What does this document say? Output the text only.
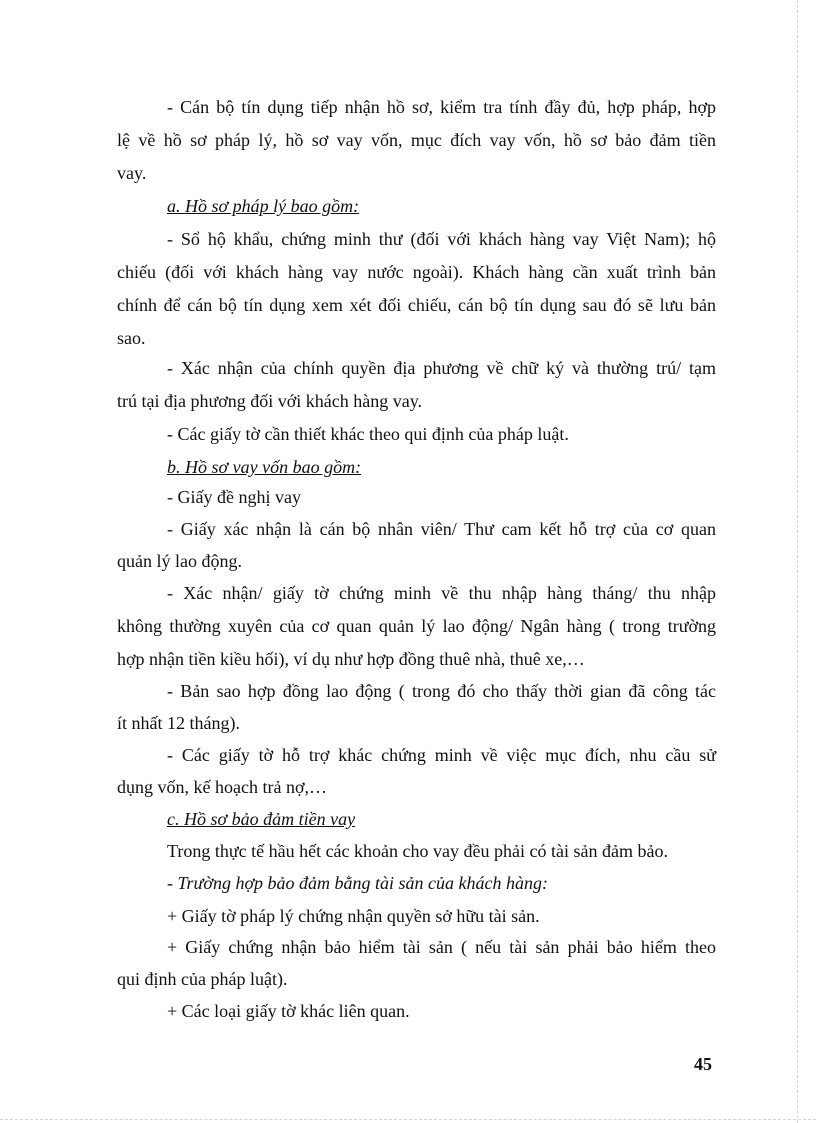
- Cán bộ tín dụng tiếp nhận hồ sơ, kiểm tra tính đầy đủ, hợp pháp, hợp
lệ về hồ sơ pháp lý, hồ sơ vay vốn, mục đích vay vốn, hồ sơ bảo đảm tiền
vay.
a. Hồ sơ pháp lý bao gồm:
- Sổ hộ khẩu, chứng minh thư (đối với khách hàng vay Việt Nam); hộ
chiếu (đối với khách hàng vay nước ngoài). Khách hàng cần xuất trình bản
chính để cán bộ tín dụng xem xét đối chiếu, cán bộ tín dụng sau đó sẽ lưu bản
sao.
- Xác nhận của chính quyền địa phương về chữ ký và thường trú/ tạm
trú tại địa phương đối với khách hàng vay.
- Các giấy tờ cần thiết khác theo qui định của pháp luật.
b. Hồ sơ vay vốn bao gồm:
- Giấy đề nghị vay
- Giấy xác nhận là cán bộ nhân viên/ Thư cam kết hỗ trợ của cơ quan
quản lý lao động.
- Xác nhận/ giấy tờ chứng minh về thu nhập hàng tháng/ thu nhập
không thường xuyên của cơ quan quản lý lao động/ Ngân hàng ( trong trường
hợp nhận tiền kiều hối), ví dụ như hợp đồng thuê nhà, thuê xe,…
- Bản sao hợp đồng lao động ( trong đó cho thấy thời gian đã công tác
ít nhất 12 tháng).
- Các giấy tờ hỗ trợ khác chứng minh về việc mục đích, nhu cầu sử
dụng vốn, kế hoạch trả nợ,…
c. Hồ sơ bảo đảm tiền vay
Trong thực tế hầu hết các khoản cho vay đều phải có tài sản đảm bảo.
- Trường hợp bảo đảm bằng tài sản của khách hàng:
+ Giấy tờ pháp lý chứng nhận quyền sở hữu tài sản.
+ Giấy chứng nhận bảo hiểm tài sản ( nếu tài sản phải bảo hiểm theo
qui định của pháp luật).
+ Các loại giấy tờ khác liên quan.
45
